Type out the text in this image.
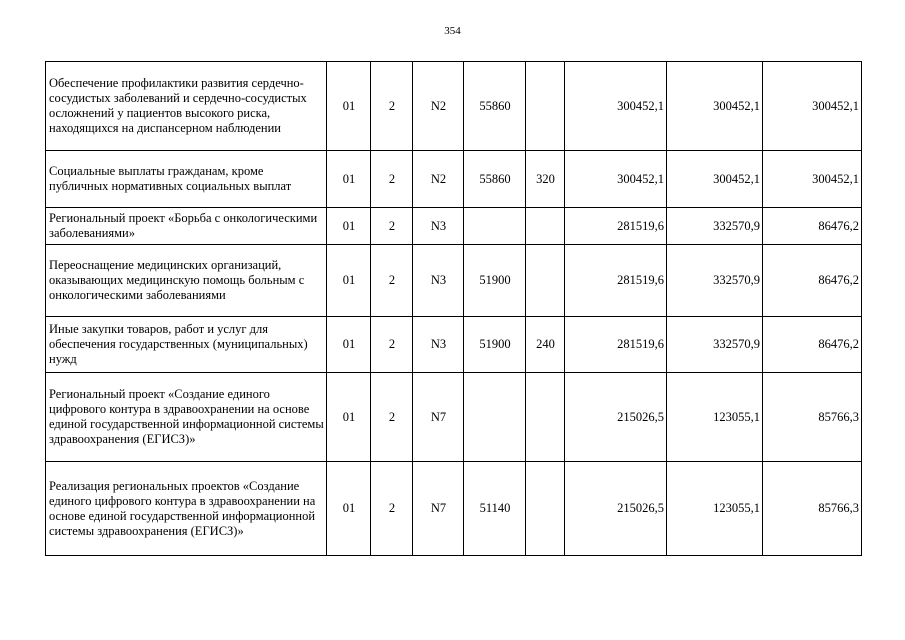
354
Обеспечение профилактики развития сердечно-сосудистых заболеваний и сердечно-сосудистых осложнений у пациентов высокого риска, находящихся на диспансерном наблюдении	01	2	N2	55860		300452,1	300452,1	300452,1
Социальные выплаты гражданам, кроме публичных нормативных социальных выплат	01	2	N2	55860	320	300452,1	300452,1	300452,1
Региональный проект «Борьба с онкологическими заболеваниями»	01	2	N3			281519,6	332570,9	86476,2
Переоснащение медицинских организаций, оказывающих медицинскую помощь больным с онкологическими заболеваниями	01	2	N3	51900		281519,6	332570,9	86476,2
Иные закупки товаров, работ и услуг для обеспечения государственных (муниципальных) нужд	01	2	N3	51900	240	281519,6	332570,9	86476,2
Региональный проект «Создание единого цифрового контура в здравоохранении на основе единой государственной информационной системы здравоохранения (ЕГИСЗ)»	01	2	N7			215026,5	123055,1	85766,3
Реализация региональных проектов «Создание единого цифрового контура в здравоохранении на основе единой государственной информационной системы здравоохранения (ЕГИСЗ)»	01	2	N7	51140		215026,5	123055,1	85766,3
